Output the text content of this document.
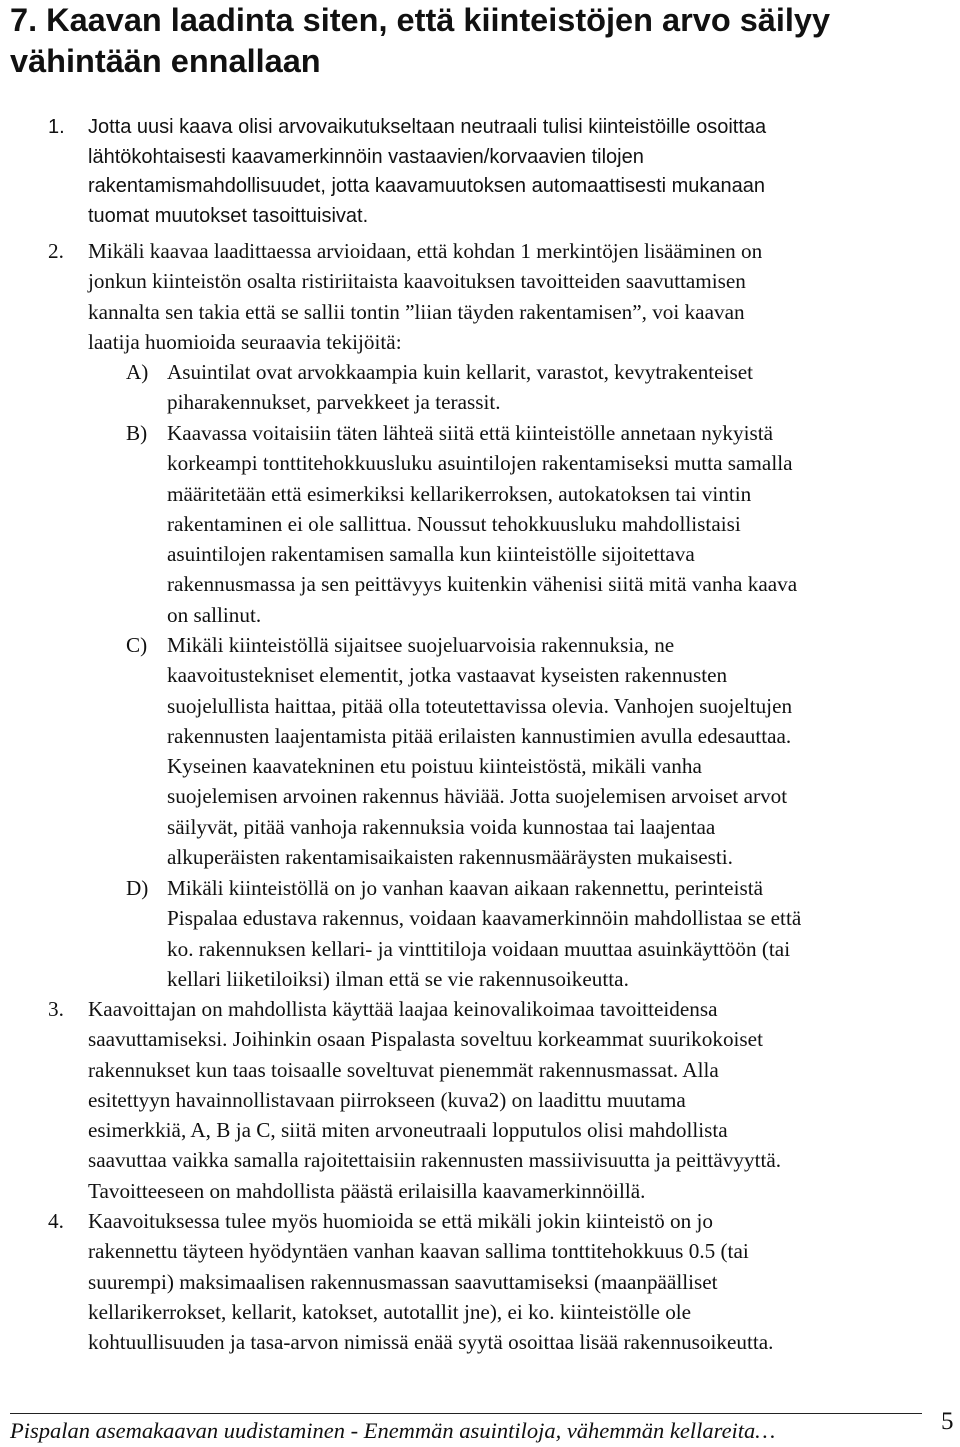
7. Kaavan laadinta siten, että kiinteistöjen arvo säilyy
vähintään ennallaan
1. Jotta uusi kaava olisi arvovaikutukseltaan neutraali tulisi kiinteistöille osoittaa
lähtökohtaisesti kaavamerkinnöin vastaavien/korvaavien tilojen
rakentamismahdollisuudet, jotta kaavamuutoksen automaattisesti mukanaan
tuomat muutokset tasoittuisivat.
2. Mikäli kaavaa laadittaessa arvioidaan, että kohdan 1 merkintöjen lisääminen on
jonkun kiinteistön osalta ristiriitaista kaavoituksen tavoitteiden saavuttamisen
kannalta sen takia että se sallii tontin ”liian täyden rakentamisen”, voi kaavan
laatija huomioida seuraavia tekijöitä:
A) Asuintilat ovat arvokkaampia kuin kellarit, varastot, kevytrakenteiset
piharakennukset, parvekkeet ja terassit.
B) Kaavassa voitaisiin täten lähteä siitä että kiinteistölle annetaan nykyistä
korkeampi tonttitehokkuusluku asuintilojen rakentamiseksi mutta samalla
määritetään että esimerkiksi kellarikerroksen, autokatoksen tai vintin
rakentaminen ei ole sallittua. Noussut tehokkuusluku mahdollistaisi
asuintilojen rakentamisen samalla kun kiinteistölle sijoitettava
rakennusmassa ja sen peittävyys kuitenkin vähenisi siitä mitä vanha kaava
on sallinut.
C) Mikäli kiinteistöllä sijaitsee suojeluarvoisia rakennuksia, ne
kaavoitustekniset elementit, jotka vastaavat kyseisten rakennusten
suojelullista haittaa, pitää olla toteutettavissa olevia. Vanhojen suojeltujen
rakennusten laajentamista pitää erilaisten kannustimien avulla edesauttaa.
Kyseinen kaavatekninen etu poistuu kiinteistöstä, mikäli vanha
suojelemisen arvoinen rakennus häviää. Jotta suojelemisen arvoiset arvot
säilyvät, pitää vanhoja rakennuksia voida kunnostaa tai laajentaa
alkuperäisten rakentamisaikaisten rakennusmääräysten mukaisesti.
D) Mikäli kiinteistöllä on jo vanhan kaavan aikaan rakennettu, perinteistä
Pispalaa edustava rakennus, voidaan kaavamerkinnöin mahdollistaa se että
ko. rakennuksen kellari- ja vinttitiloja voidaan muuttaa asuinkäyttöön (tai
kellari liiketiloiksi) ilman että se vie rakennusoikeutta.
3. Kaavoittajan on mahdollista käyttää laajaa keinovalikoimaa tavoitteidensa
saavuttamiseksi. Joihinkin osaan Pispalasta soveltuu korkeammat suurikokoiset
rakennukset kun taas toisaalle soveltuvat pienemmät rakennusmassat. Alla
esitettyyn havainnollistavaan piirrokseen (kuva2) on laadittu muutama
esimerkkiä, A, B ja C, siitä miten arvoneutraali lopputulos olisi mahdollista
saavuttaa vaikka samalla rajoitettaisiin rakennusten massiivisuutta ja peittävyyttä.
Tavoitteeseen on mahdollista päästä erilaisilla kaavamerkinnöillä.
4. Kaavoituksessa tulee myös huomioida se että mikäli jokin kiinteistö on jo
rakennettu täyteen hyödyntäen vanhan kaavan sallima tonttitehokkuus 0.5 (tai
suurempi) maksimaalisen rakennusmassan saavuttamiseksi (maanpäälliset
kellarikerrokset, kellarit, katokset, autotallit jne), ei ko. kiinteistölle ole
kohtuullisuuden ja tasa-arvon nimissä enää syytä osoittaa lisää rakennusoikeutta.
Pispalan asemakaavan uudistaminen - Enemmän asuintiloja, vähemmän kellareita…	5
